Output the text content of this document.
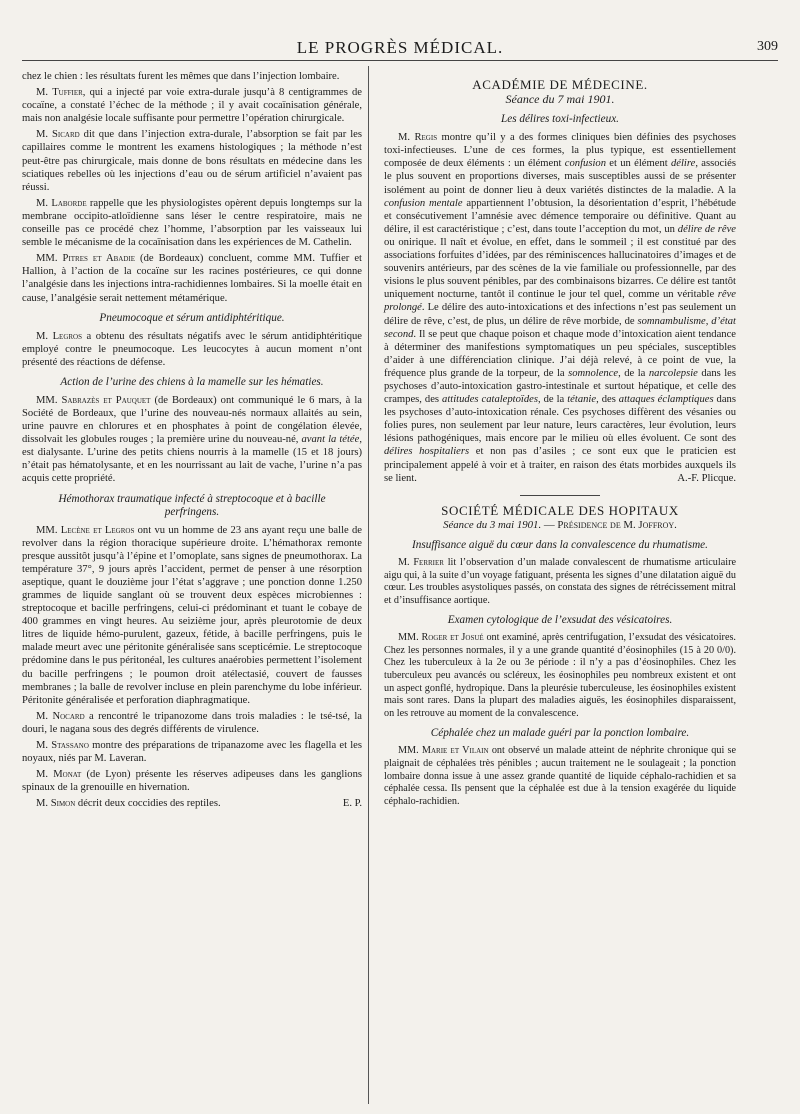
LE PROGRÈS MÉDICAL.	309

chez le chien : les résultats furent les mêmes que dans l’injection lombaire.

M. Tuffier, qui a injecté par voie extra-durale jusqu’à 8 centigrammes de cocaïne, a constaté l’échec de la méthode ; il y avait cocaïnisation générale, mais non analgésie locale suffisante pour permettre l’opération chirurgicale.

M. Sicard dit que dans l’injection extra-durale, l’absorption se fait par les capillaires comme le montrent les examens histologiques ; la méthode n’est peut-être pas chirurgicale, mais donne de bons résultats en médecine dans les sciatiques rebelles où les injections d’eau ou de sérum artificiel n’avaient pas réussi.

M. Laborde rappelle que les physiologistes opèrent depuis longtemps sur la membrane occipito-atloïdienne sans léser le centre respiratoire, mais ne conseille pas ce procédé chez l’homme, l’absorption par les vaisseaux lui semble le mécanisme de la cocaïnisation dans les expériences de M. Cathelin.

MM. Pitres et Abadie (de Bordeaux) concluent, comme MM. Tuffier et Hallion, à l’action de la cocaïne sur les racines postérieures, ce qui donne l’analgésie dans les injections intra-rachidiennes lombaires. Si la moelle était en cause, l’analgésie serait nettement métamérique.

Pneumocoque et sérum antidiphtéritique.

M. Legros a obtenu des résultats négatifs avec le sérum antidiphtéritique employé contre le pneumocoque. Les leucocytes à aucun moment n’ont présenté des réactions de défense.

Action de l’urine des chiens à la mamelle sur les hématies.

MM. Sabrazès et Pauquet (de Bordeaux) ont communiqué le 6 mars, à la Société de Bordeaux, que l’urine des nouveau-nés normaux allaités au sein, urine pauvre en chlorures et en phosphates à point de congélation élevée, dissolvait les globules rouges ; la première urine du nouveau-né, avant la tétée, est dialysante. L’urine des petits chiens nourris à la mamelle (15 et 18 jours) n’était pas hématolysante, et en les nourrissant au lait de vache, l’urine n’a pas acquis cette propriété.

Hémothorax traumatique infecté à streptocoque et à bacille perfringens.

MM. Lecène et Legros ont vu un homme de 23 ans ayant reçu une balle de revolver dans la région thoracique supérieure droite. L’hémathorax remonte presque aussitôt jusqu’à l’épine et l’omoplate, sans signes de pneumothorax. La température 37°, 9 jours après l’accident, permet de penser à une résorption aseptique, quant le douzième jour l’état s’aggrave ; une ponction donne 1.250 grammes de liquide sanglant où se trouvent deux espèces microbiennes : streptocoque et bacille perfringens, celui-ci prédominant et tuant le cobaye de 400 grammes en vingt heures. Au seizième jour, après pleurotomie de deux litres de liquide hémo-purulent, gazeux, fétide, à bacille perfringens, puis le malade meurt avec une péritonite généralisée sans scepticémie. Le streptocoque prédomine dans le pus péritonéal, les cultures anaérobies permettent l’isolement du bacille perfringens ; le poumon droit atélectasié, couvert de fausses membranes ; la balle de revolver incluse en plein parenchyme du lobe inférieur. Péritonite généralisée et perforation diaphragmatique.

M. Nocard a rencontré le tripanozome dans trois maladies : le tsé-tsé, la douri, le nagana sous des degrés différents de virulence.

M. Stassano montre des préparations de tripanazome avec les flagella et les noyaux, niés par M. Laveran.

M. Monat (de Lyon) présente les réserves adipeuses dans les ganglions spinaux de la grenouille en hivernation.

M. Simon décrit deux coccidies des reptiles.	E. P.

ACADÉMIE DE MÉDECINE.
Séance du 7 mai 1901.
Les délires toxi-infectieux.

M. Regis montre qu’il y a des formes cliniques bien définies des psychoses toxi-infectieuses. L’une de ces formes, la plus typique, est essentiellement composée de deux éléments : un élément confusion et un élément délire, associés le plus souvent en proportions diverses, mais susceptibles aussi de se présenter isolément au point de donner lieu à deux variétés distinctes de la maladie. A la confusion mentale appartiennent l’obtusion, la désorientation d’esprit, l’hébétude et consécutivement l’amnésie avec démence temporaire ou définitive. Quant au délire, il est caractéristique ; c’est, dans toute l’acception du mot, un délire de rêve ou onirique. Il naît et évolue, en effet, dans le sommeil ; il est constitué par des associations forfuites d’idées, par des réminiscences hallucinatoires d’images et de souvenirs antérieurs, par des scènes de la vie familiale ou professionnelle, par des visions le plus souvent pénibles, par des combinaisons bizarres. Ce délire est tantôt uniquement nocturne, tantôt il continue le jour tel quel, comme un véritable rêve prolongé. Le délire des auto-intoxications et des infections n’est pas seulement un délire de rêve, c’est, de plus, un délire de rêve morbide, de somnambulisme, d’état second. Il se peut que chaque poison et chaque mode d’intoxication aient tendance à déterminer des manifestions symptomatiques un peu spéciales, susceptibles d’aider à une différenciation clinique. J’ai déjà relevé, à ce point de vue, la fréquence plus grande de la torpeur, de la somnolence, de la narcolepsie dans les psychoses d’auto-intoxication gastro-intestinale et surtout hépatique, et celle des crampes, des attitudes cataleptoïdes, de la tétanie, des attaques éclamptiques dans les psychoses d’auto-intoxication rénale. Ces psychoses diffèrent des vésanies ou folies pures, non seulement par leur nature, leurs caractères, leur évolution, leurs lésions pathogéniques, mais encore par le milieu où elles évoluent. Ce sont des délires hospitaliers et non pas d’asiles ; ce sont eux que le praticien est principalement appelé à voir et à traiter, en raison des états morbides auxquels ils se lient.	A.-F. Plicque.

SOCIÉTÉ MÉDICALE DES HOPITAUX
Séance du 3 mai 1901. — Présidence de M. Joffroy.
Insuffisance aiguë du cœur dans la convalescence du rhumatisme.

M. Ferrier lit l’observation d’un malade convalescent de rhumatisme articulaire aigu qui, à la suite d’un voyage fatiguant, présenta les signes d’une dilatation aiguë du cœur. Les troubles asystoliques passés, on constata des signes de rétrécissement mitral et d’insuffisance aortique.

Examen cytologique de l’exsudat des vésicatoires.

MM. Roger et Josué ont examiné, après centrifugation, l’exsudat des vésicatoires. Chez les personnes normales, il y a une grande quantité d’éosinophiles (15 à 20 0/0). Chez les tuberculeux à la 2e ou 3e période : il n’y a pas d’éosinophiles. Chez les tuberculeux peu avancés ou scléreux, les éosinophiles peu nombreux existent et ont un aspect gonflé, hydropique. Dans la pleurésie tuberculeuse, les éosinophiles existent mais sont rares. Dans la plupart des maladies aiguës, les éosinophiles disparaissent, on les retrouve au moment de la convalescence.

Céphalée chez un malade guéri par la ponction lombaire.

MM. Marie et Vilain ont observé un malade atteint de néphrite chronique qui se plaignait de céphalées très pénibles ; aucun traitement ne le soulageait ; la ponction lombaire donna issue à une assez grande quantité de liquide céphalo-rachidien et sa céphalée cessa. Ils pensent que la céphalée est due à la tension exagérée du liquide céphalo-rachidien.
